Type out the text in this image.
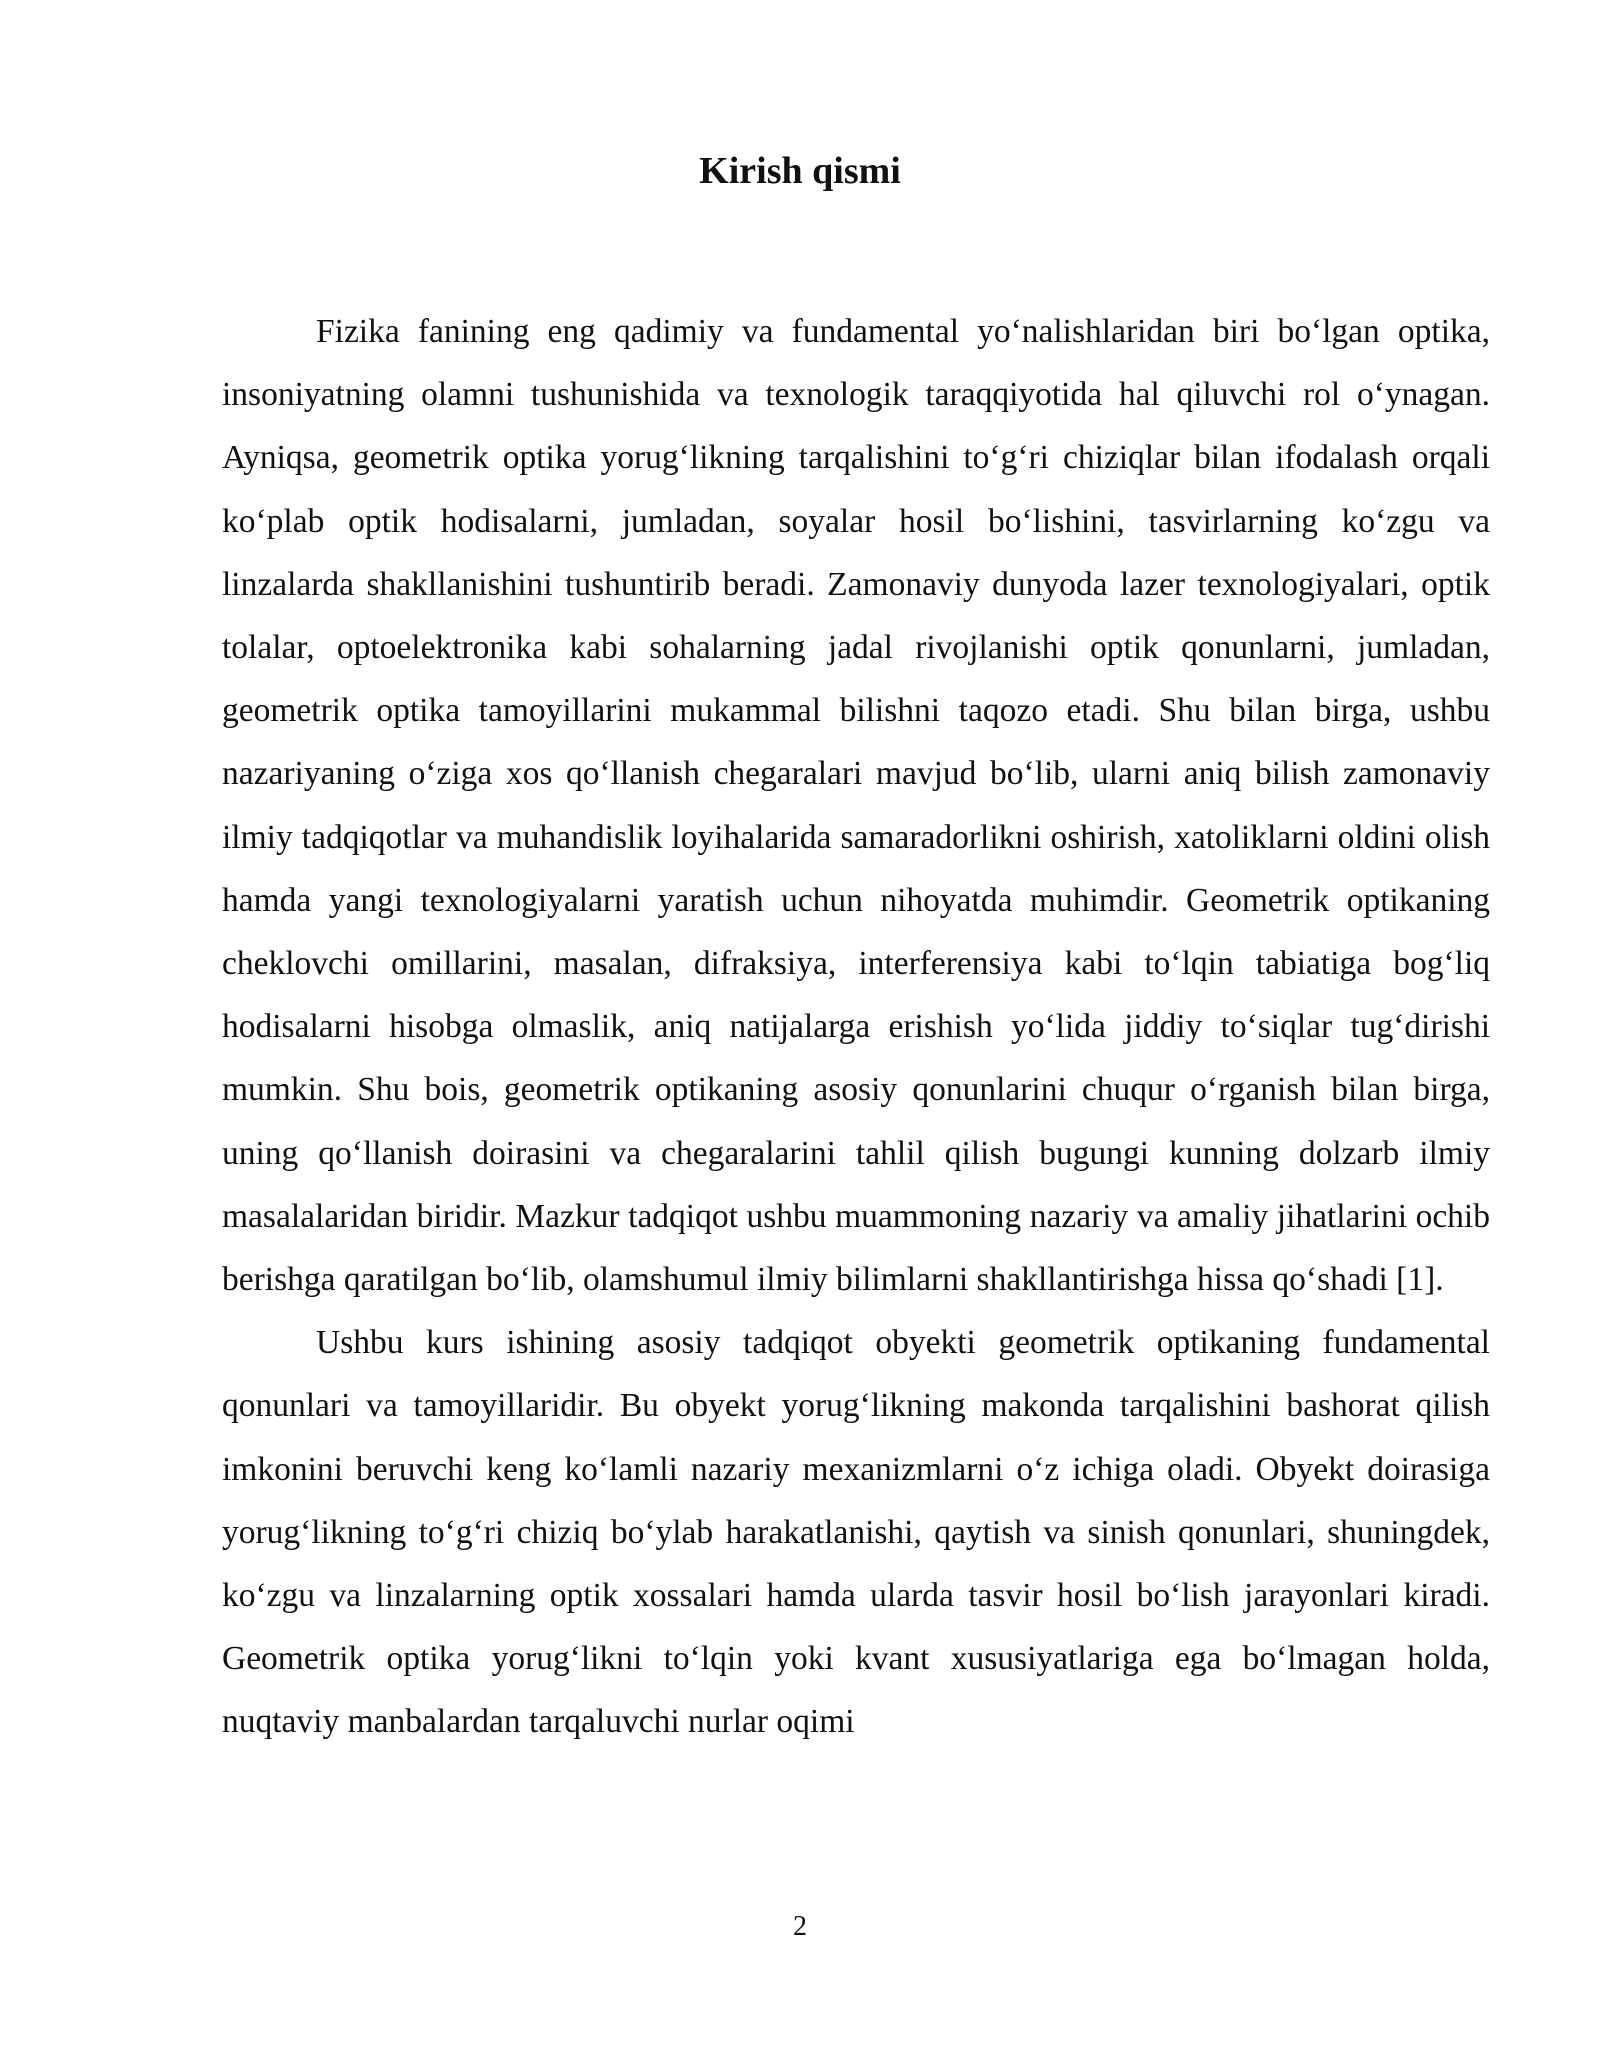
Kirish qismi

Fizika fanining eng qadimiy va fundamental yo‘nalishlaridan biri bo‘lgan optika, insoniyatning olamni tushunishida va texnologik taraqqiyotida hal qiluvchi rol o‘ynagan. Ayniqsa, geometrik optika yorug‘likning tarqalishini to‘g‘ri chiziqlar bilan ifodalash orqali ko‘plab optik hodisalarni, jumladan, soyalar hosil bo‘lishini, tasvirlarning ko‘zgu va linzalarda shakllanishini tushuntirib beradi. Zamonaviy dunyoda lazer texnologiyalari, optik tolalar, optoelektronika kabi sohalarning jadal rivojlanishi optik qonunlarni, jumladan, geometrik optika tamoyillarini mukammal bilishni taqozo etadi. Shu bilan birga, ushbu nazariyaning o‘ziga xos qo‘llanish chegaralari mavjud bo‘lib, ularni aniq bilish zamonaviy ilmiy tadqiqotlar va muhandislik loyihalarida samaradorlikni oshirish, xatoliklarni oldini olish hamda yangi texnologiyalarni yaratish uchun nihoyatda muhimdir. Geometrik optikaning cheklovchi omillarini, masalan, difraksiya, interferensiya kabi to‘lqin tabiatiga bog‘liq hodisalarni hisobga olmaslik, aniq natijalarga erishish yo‘lida jiddiy to‘siqlar tug‘dirishi mumkin. Shu bois, geometrik optikaning asosiy qonunlarini chuqur o‘rganish bilan birga, uning qo‘llanish doirasini va chegaralarini tahlil qilish bugungi kunning dolzarb ilmiy masalalaridan biridir. Mazkur tadqiqot ushbu muammoning nazariy va amaliy jihatlarini ochib berishga qaratilgan bo‘lib, olamshumul ilmiy bilimlarni shakllantirishga hissa qo‘shadi [1].

Ushbu kurs ishining asosiy tadqiqot obyekti geometrik optikaning fundamental qonunlari va tamoyillaridir. Bu obyekt yorug‘likning makonda tarqalishini bashorat qilish imkonini beruvchi keng ko‘lamli nazariy mexanizmlarni o‘z ichiga oladi. Obyekt doirasiga yorug‘likning to‘g‘ri chiziq bo‘ylab harakatlanishi, qaytish va sinish qonunlari, shuningdek, ko‘zgu va linzalarning optik xossalari hamda ularda tasvir hosil bo‘lish jarayonlari kiradi. Geometrik optika yorug‘likni to‘lqin yoki kvant xususiyatlariga ega bo‘lmagan holda, nuqtaviy manbalardan tarqaluvchi nurlar oqimi

2
